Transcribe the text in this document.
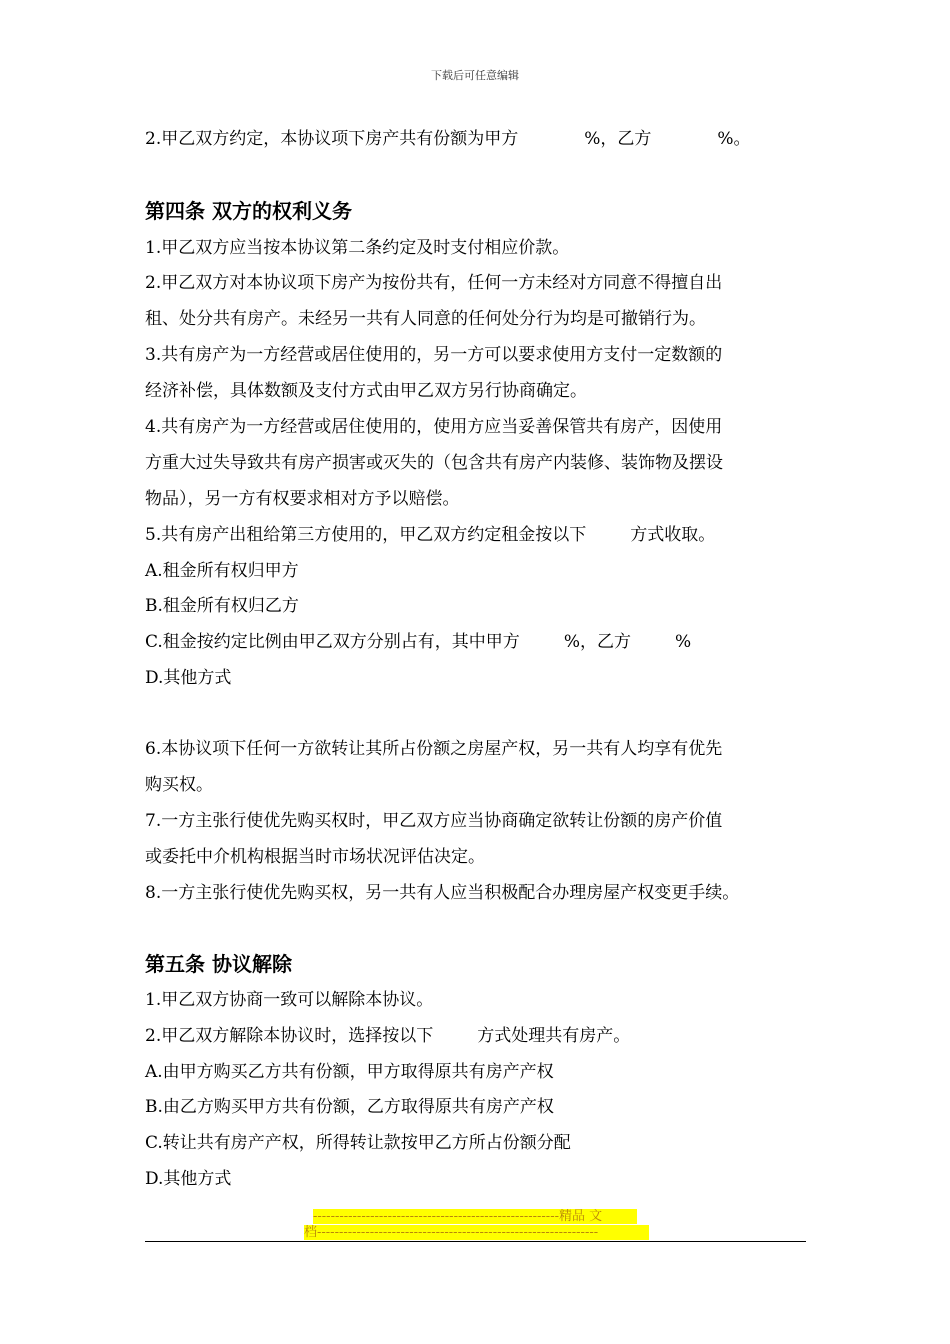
下载后可任意编辑
2.甲乙双方约定，本协议项下房产共有份额为甲方	%，乙方	%。
第四条 双方的权利义务
1.甲乙双方应当按本协议第二条约定及时支付相应价款。
2.甲乙双方对本协议项下房产为按份共有，任何一方未经对方同意不得擅自出
租、处分共有房产。未经另一共有人同意的任何处分行为均是可撤销行为。
3.共有房产为一方经营或居住使用的，另一方可以要求使用方支付一定数额的
经济补偿，具体数额及支付方式由甲乙双方另行协商确定。
4.共有房产为一方经营或居住使用的，使用方应当妥善保管共有房产，因使用
方重大过失导致共有房产损害或灭失的（包含共有房产内装修、装饰物及摆设
物品），另一方有权要求相对方予以赔偿。
5.共有房产出租给第三方使用的，甲乙双方约定租金按以下	方式收取。
A.租金所有权归甲方
B.租金所有权归乙方
C.租金按约定比例由甲乙双方分别占有，其中甲方	%，乙方	%
D.其他方式
6.本协议项下任何一方欲转让其所占份额之房屋产权，另一共有人均享有优先
购买权。
7.一方主张行使优先购买权时，甲乙双方应当协商确定欲转让份额的房产价值
或委托中介机构根据当时市场状况评估决定。
8.一方主张行使优先购买权，另一共有人应当积极配合办理房屋产权变更手续。
第五条 协议解除
1.甲乙双方协商一致可以解除本协议。
2.甲乙双方解除本协议时，选择按以下	方式处理共有房产。
A.由甲方购买乙方共有份额，甲方取得原共有房产产权
B.由乙方购买甲方共有份额，乙方取得原共有房产产权
C.转让共有房产产权，所得转让款按甲乙方所占份额分配
D.其他方式
--------------------------------------------------------精品 文
档----------------------------------------------------------------
